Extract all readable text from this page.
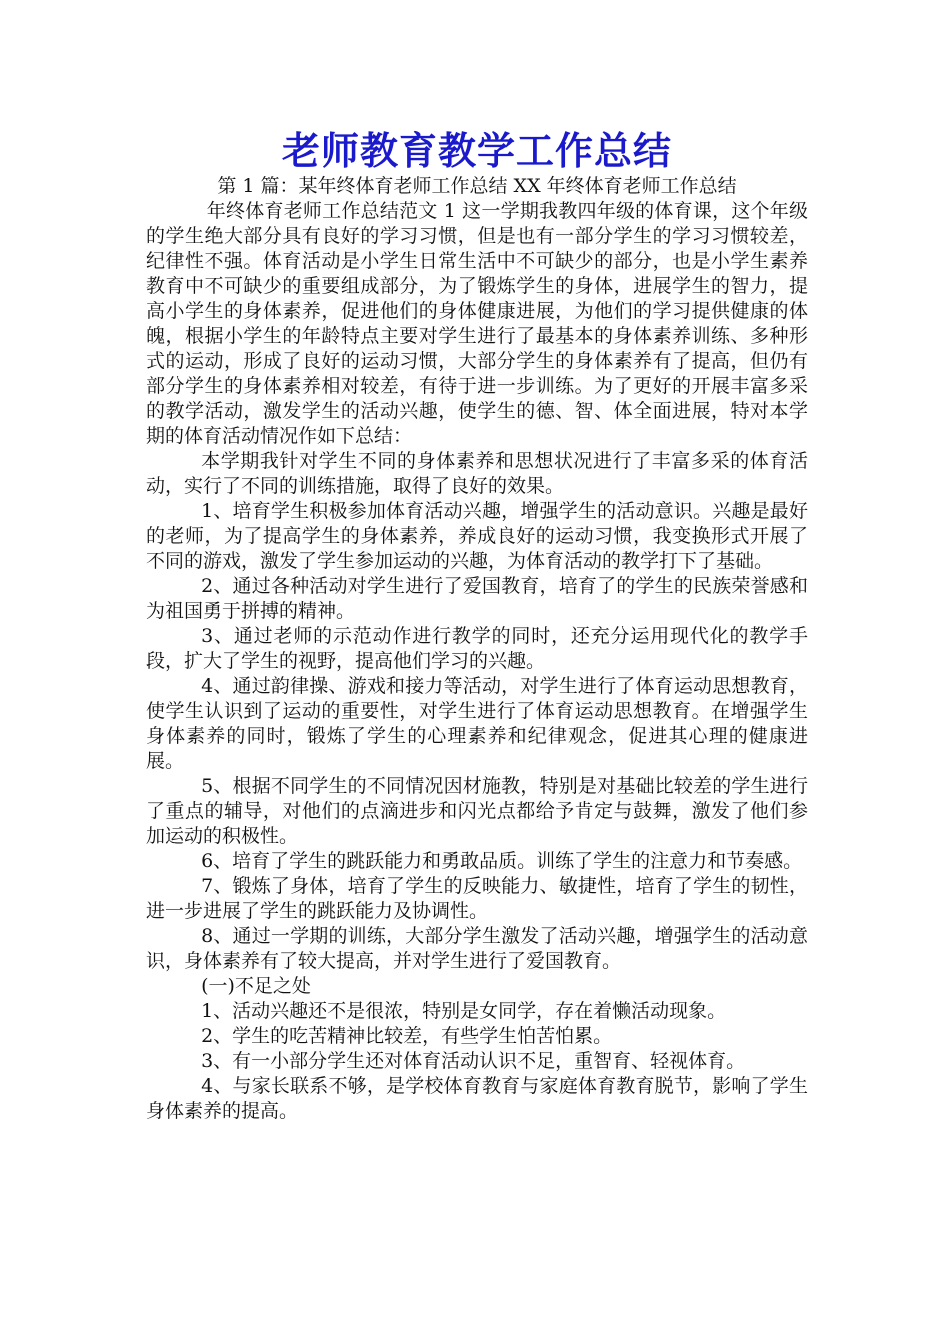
老师教育教学工作总结

第 1 篇：某年终体育老师工作总结 XX 年终体育老师工作总结

年终体育老师工作总结范文 1 这一学期我教四年级的体育课，这个年级的学生绝大部分具有良好的学习习惯，但是也有一部分学生的学习习惯较差，纪律性不强。体育活动是小学生日常生活中不可缺少的部分，也是小学生素养教育中不可缺少的重要组成部分，为了锻炼学生的身体，进展学生的智力，提高小学生的身体素养，促进他们的身体健康进展，为他们的学习提供健康的体魄，根据小学生的年龄特点主要对学生进行了最基本的身体素养训练、多种形式的运动，形成了良好的运动习惯，大部分学生的身体素养有了提高，但仍有部分学生的身体素养相对较差，有待于进一步训练。为了更好的开展丰富多采的教学活动，激发学生的活动兴趣，使学生的德、智、体全面进展，特对本学期的体育活动情况作如下总结：

本学期我针对学生不同的身体素养和思想状况进行了丰富多采的体育活动，实行了不同的训练措施，取得了良好的效果。

1、培育学生积极参加体育活动兴趣，增强学生的活动意识。兴趣是最好的老师，为了提高学生的身体素养，养成良好的运动习惯，我变换形式开展了不同的游戏，激发了学生参加运动的兴趣，为体育活动的教学打下了基础。

2、通过各种活动对学生进行了爱国教育，培育了的学生的民族荣誉感和为祖国勇于拼搏的精神。

3、通过老师的示范动作进行教学的同时，还充分运用现代化的教学手段，扩大了学生的视野，提高他们学习的兴趣。

4、通过韵律操、游戏和接力等活动，对学生进行了体育运动思想教育，使学生认识到了运动的重要性，对学生进行了体育运动思想教育。在增强学生身体素养的同时，锻炼了学生的心理素养和纪律观念，促进其心理的健康进展。

5、根据不同学生的不同情况因材施教，特别是对基础比较差的学生进行了重点的辅导，对他们的点滴进步和闪光点都给予肯定与鼓舞，激发了他们参加运动的积极性。

6、培育了学生的跳跃能力和勇敢品质。训练了学生的注意力和节奏感。

7、锻炼了身体，培育了学生的反映能力、敏捷性，培育了学生的韧性，进一步进展了学生的跳跃能力及协调性。

8、通过一学期的训练，大部分学生激发了活动兴趣，增强学生的活动意识，身体素养有了较大提高，并对学生进行了爱国教育。

(一)不足之处

1、活动兴趣还不是很浓，特别是女同学，存在着懒活动现象。

2、学生的吃苦精神比较差，有些学生怕苦怕累。

3、有一小部分学生还对体育活动认识不足，重智育、轻视体育。

4、与家长联系不够，是学校体育教育与家庭体育教育脱节，影响了学生身体素养的提高。
